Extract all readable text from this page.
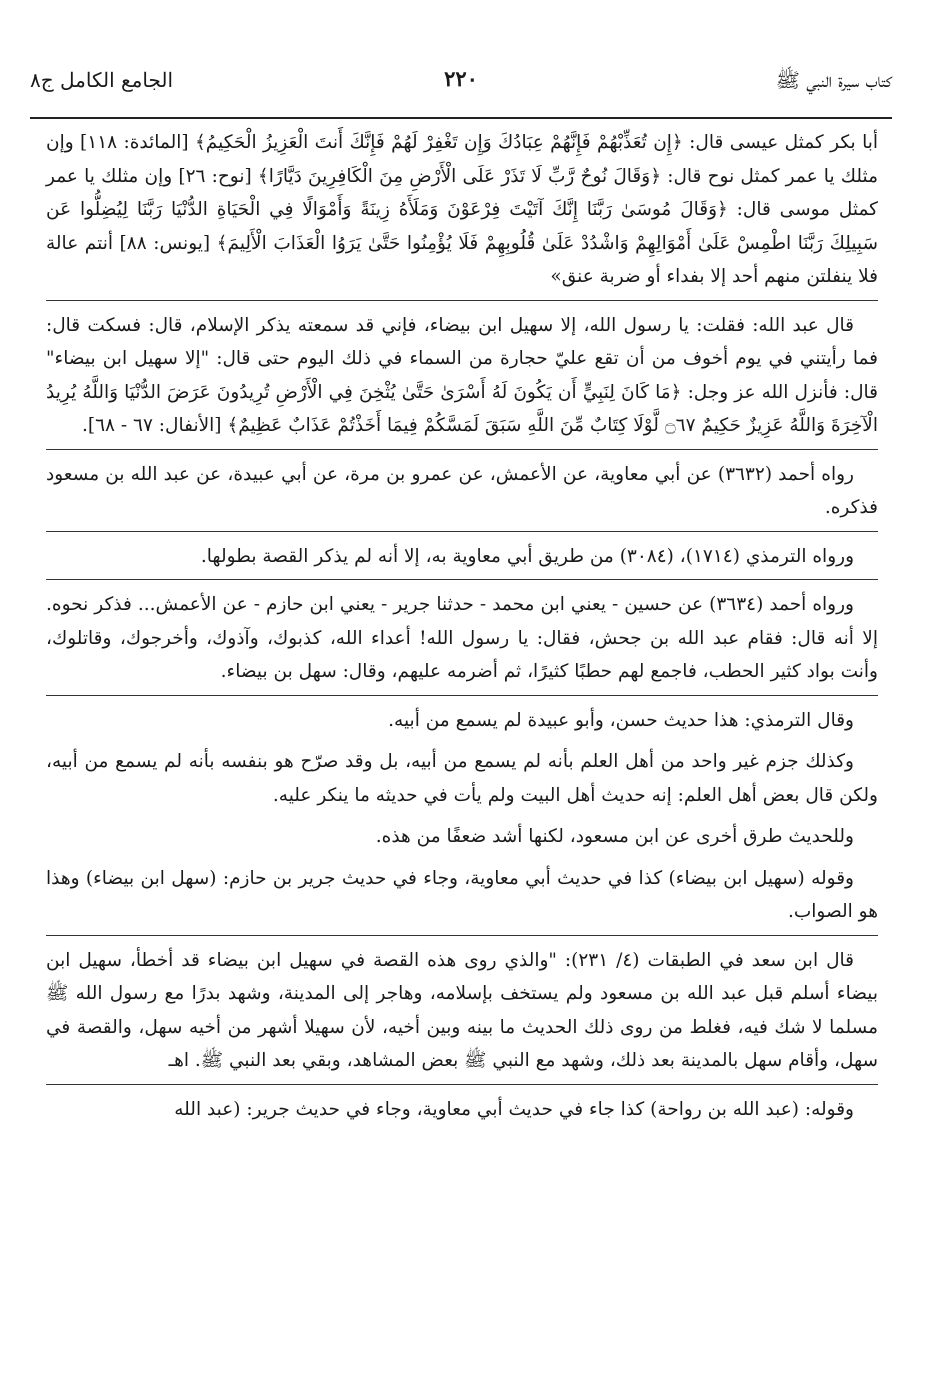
الجامع الكامل ج٨	٢٢٠	كتاب سيرة النبي ﷺ

أبا بكر كمثل عيسى قال: ﴿إِن تُعَذِّبْهُمْ فَإِنَّهُمْ عِبَادُكَ وَإِن تَغْفِرْ لَهُمْ فَإِنَّكَ أَنتَ الْعَزِيزُ الْحَكِيمُ﴾ [المائدة: ١١٨] وإن مثلك يا عمر كمثل نوح قال: ﴿وَقَالَ نُوحٌ رَّبِّ لَا تَذَرْ عَلَى الْأَرْضِ مِنَ الْكَافِرِينَ دَيَّارًا﴾ [نوح: ٢٦] وإن مثلك يا عمر كمثل موسى قال: ﴿وَقَالَ مُوسَىٰ رَبَّنَا إِنَّكَ آتَيْتَ فِرْعَوْنَ وَمَلَأَهُ زِينَةً وَأَمْوَالًا فِي الْحَيَاةِ الدُّنْيَا رَبَّنَا لِيُضِلُّوا عَن سَبِيلِكَ رَبَّنَا اطْمِسْ عَلَىٰ أَمْوَالِهِمْ وَاشْدُدْ عَلَىٰ قُلُوبِهِمْ فَلَا يُؤْمِنُوا حَتَّىٰ يَرَوُا الْعَذَابَ الْأَلِيمَ﴾ [يونس: ٨٨] أنتم عالة فلا ينفلتن منهم أحد إلا بفداء أو ضربة عنق»

قال عبد الله: فقلت: يا رسول الله، إلا سهيل ابن بيضاء، فإني قد سمعته يذكر الإسلام، قال: فسكت قال: فما رأيتني في يوم أخوف من أن تقع عليّ حجارة من السماء في ذلك اليوم حتى قال: "إلا سهيل ابن بيضاء" قال: فأنزل الله عز وجل: ﴿مَا كَانَ لِنَبِيٍّ أَن يَكُونَ لَهُ أَسْرَىٰ حَتَّىٰ يُثْخِنَ فِي الْأَرْضِ تُرِيدُونَ عَرَضَ الدُّنْيَا وَاللَّهُ يُرِيدُ الْآخِرَةَ وَاللَّهُ عَزِيزٌ حَكِيمٌ ۝٦٧ لَّوْلَا كِتَابٌ مِّنَ اللَّهِ سَبَقَ لَمَسَّكُمْ فِيمَا أَخَذْتُمْ عَذَابٌ عَظِيمٌ﴾ [الأنفال: ٦٧ - ٦٨].

رواه أحمد (٣٦٣٢) عن أبي معاوية، عن الأعمش، عن عمرو بن مرة، عن أبي عبيدة، عن عبد الله بن مسعود فذكره.

ورواه الترمذي (١٧١٤)، (٣٠٨٤) من طريق أبي معاوية به، إلا أنه لم يذكر القصة بطولها.

ورواه أحمد (٣٦٣٤) عن حسين - يعني ابن محمد - حدثنا جرير - يعني ابن حازم - عن الأعمش... فذكر نحوه. إلا أنه قال: فقام عبد الله بن جحش، فقال: يا رسول الله! أعداء الله، كذبوك، وآذوك، وأخرجوك، وقاتلوك، وأنت بواد كثير الحطب، فاجمع لهم حطبًا كثيرًا، ثم أضرمه عليهم، وقال: سهل بن بيضاء.

وقال الترمذي: هذا حديث حسن، وأبو عبيدة لم يسمع من أبيه.

وكذلك جزم غير واحد من أهل العلم بأنه لم يسمع من أبيه، بل وقد صرّح هو بنفسه بأنه لم يسمع من أبيه، ولكن قال بعض أهل العلم: إنه حديث أهل البيت ولم يأت في حديثه ما ينكر عليه.

وللحديث طرق أخرى عن ابن مسعود، لكنها أشد ضعفًا من هذه.

وقوله (سهيل ابن بيضاء) كذا في حديث أبي معاوية، وجاء في حديث جرير بن حازم: (سهل ابن بيضاء) وهذا هو الصواب.

قال ابن سعد في الطبقات (٤/ ٢٣١): "والذي روى هذه القصة في سهيل ابن بيضاء قد أخطأ، سهيل ابن بيضاء أسلم قبل عبد الله بن مسعود ولم يستخف بإسلامه، وهاجر إلى المدينة، وشهد بدرًا مع رسول الله ﷺ مسلما لا شك فيه، فغلط من روى ذلك الحديث ما بينه وبين أخيه، لأن سهيلا أشهر من أخيه سهل، والقصة في سهل، وأقام سهل بالمدينة بعد ذلك، وشهد مع النبي ﷺ بعض المشاهد، وبقي بعد النبي ﷺ. اهـ

وقوله: (عبد الله بن رواحة) كذا جاء في حديث أبي معاوية، وجاء في حديث جرير: (عبد الله
